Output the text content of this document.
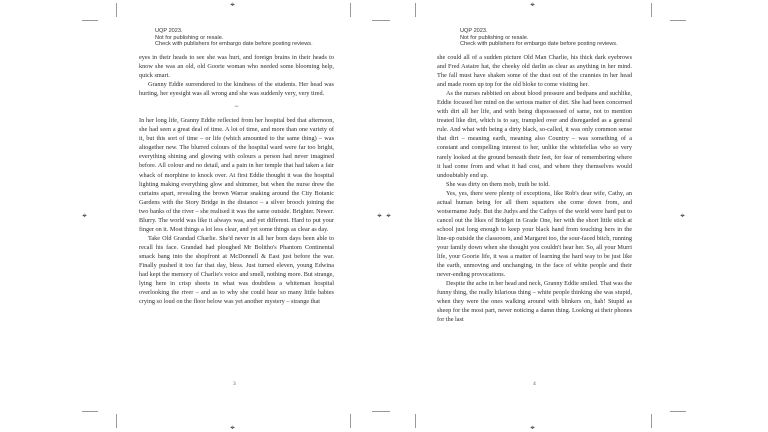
UQP 2023.
Not for publishing or resale.
Check with publishers for embargo date before posting reviews.

eyes in their heads to see she was hurt, and foreign brains in their heads to know she was an old, old Goorie woman who needed some blooming help, quick smart.

Granny Eddie surrendered to the kindness of the students. Her head was hurting, her eyesight was all wrong and she was suddenly very, very tired.

~

In her long life, Granny Eddie reflected from her hospital bed that afternoon, she had seen a great deal of time. A lot of time, and more than one variety of it, but this sort of time – or life (which amounted to the same thing) – was altogether new. The blurred colours of the hospital ward were far too bright, everything shining and glowing with colours a person had never imagined before. All colour and no detail, and a pain in her temple that had taken a fair whack of morphine to knock over. At first Eddie thought it was the hospital lighting making everything glow and shimmer, but when the nurse drew the curtains apart, revealing the brown Warrar snaking around the City Botanic Gardens with the Story Bridge in the distance – a silver brooch joining the two banks of the river – she realised it was the same outside. Brighter. Newer. Blurry. The world was like it always was, and yet different. Hard to put your finger on it. Most things a lot less clear, and yet some things as clear as day.

Take Old Grandad Charlie. She'd never in all her born days been able to recall his face. Grandad had ploughed Mr Bolitho's Phantom Continental smack bang into the shopfront at McDonnell & East just before the war. Finally pushed it too far that day, bless. Just turned eleven, young Edwina had kept the memory of Charlie's voice and smell, nothing more. But strange, lying here in crisp sheets in what was doubtless a whiteman hospital overlooking the river – and as to why she could hear so many little babies crying so loud on the floor below was yet another mystery – strange that

3
UQP 2023.
Not for publishing or resale.
Check with publishers for embargo date before posting reviews.

she could all of a sudden picture Old Man Charlie, his thick dark eyebrows and Fred Astaire hat, the cheeky old darlin as clear as anything in her mind. The fall must have shaken some of the dust out of the crannies in her head and made room up top for the old bloke to come visiting her.

As the nurses rabbited on about blood pressure and bedpans and suchlike, Eddie focused her mind on the serious matter of dirt. She had been concerned with dirt all her life, and with being dispossessed of same, not to mention treated like dirt, which is to say, trampled over and disregarded as a general rule. And what with being a dirty black, so-called, it was only common sense that dirt – meaning earth, meaning also Country – was something of a constant and compelling interest to her, unlike the whitefellas who so very rarely looked at the ground beneath their feet, for fear of remembering where it had come from and what it had cost, and where they themselves would undoubtably end up.

She was dirty on them mob, truth be told.

Yes, yes, there were plenty of exceptions, like Rob's dear wife, Cathy, an actual human being for all them squatters she come down from, and wotsername Judy. But the Judys and the Cathys of the world were hard put to cancel out the likes of Bridget in Grade One, her with the short little stick at school just long enough to keep your black hand from touching hers in the line-up outside the classroom, and Margaret too, the sour-faced bitch, running your family down when she thought you couldn't hear her. So, all your Murri life, your Goorie life, it was a matter of learning the hard way to be just like the earth, unmoving and unchanging, in the face of white people and their never-ending provocations.

Despite the ache in her head and neck, Granny Eddie smiled. That was the funny thing, the really hilarious thing – white people thinking she was stupid, when they were the ones walking around with blinkers on, hah! Stupid as sheep for the most part, never noticing a damn thing. Looking at their phones for the last

4
⌖	⌖
⌖	⌖
⌖	⌖ ⌖	⌖
